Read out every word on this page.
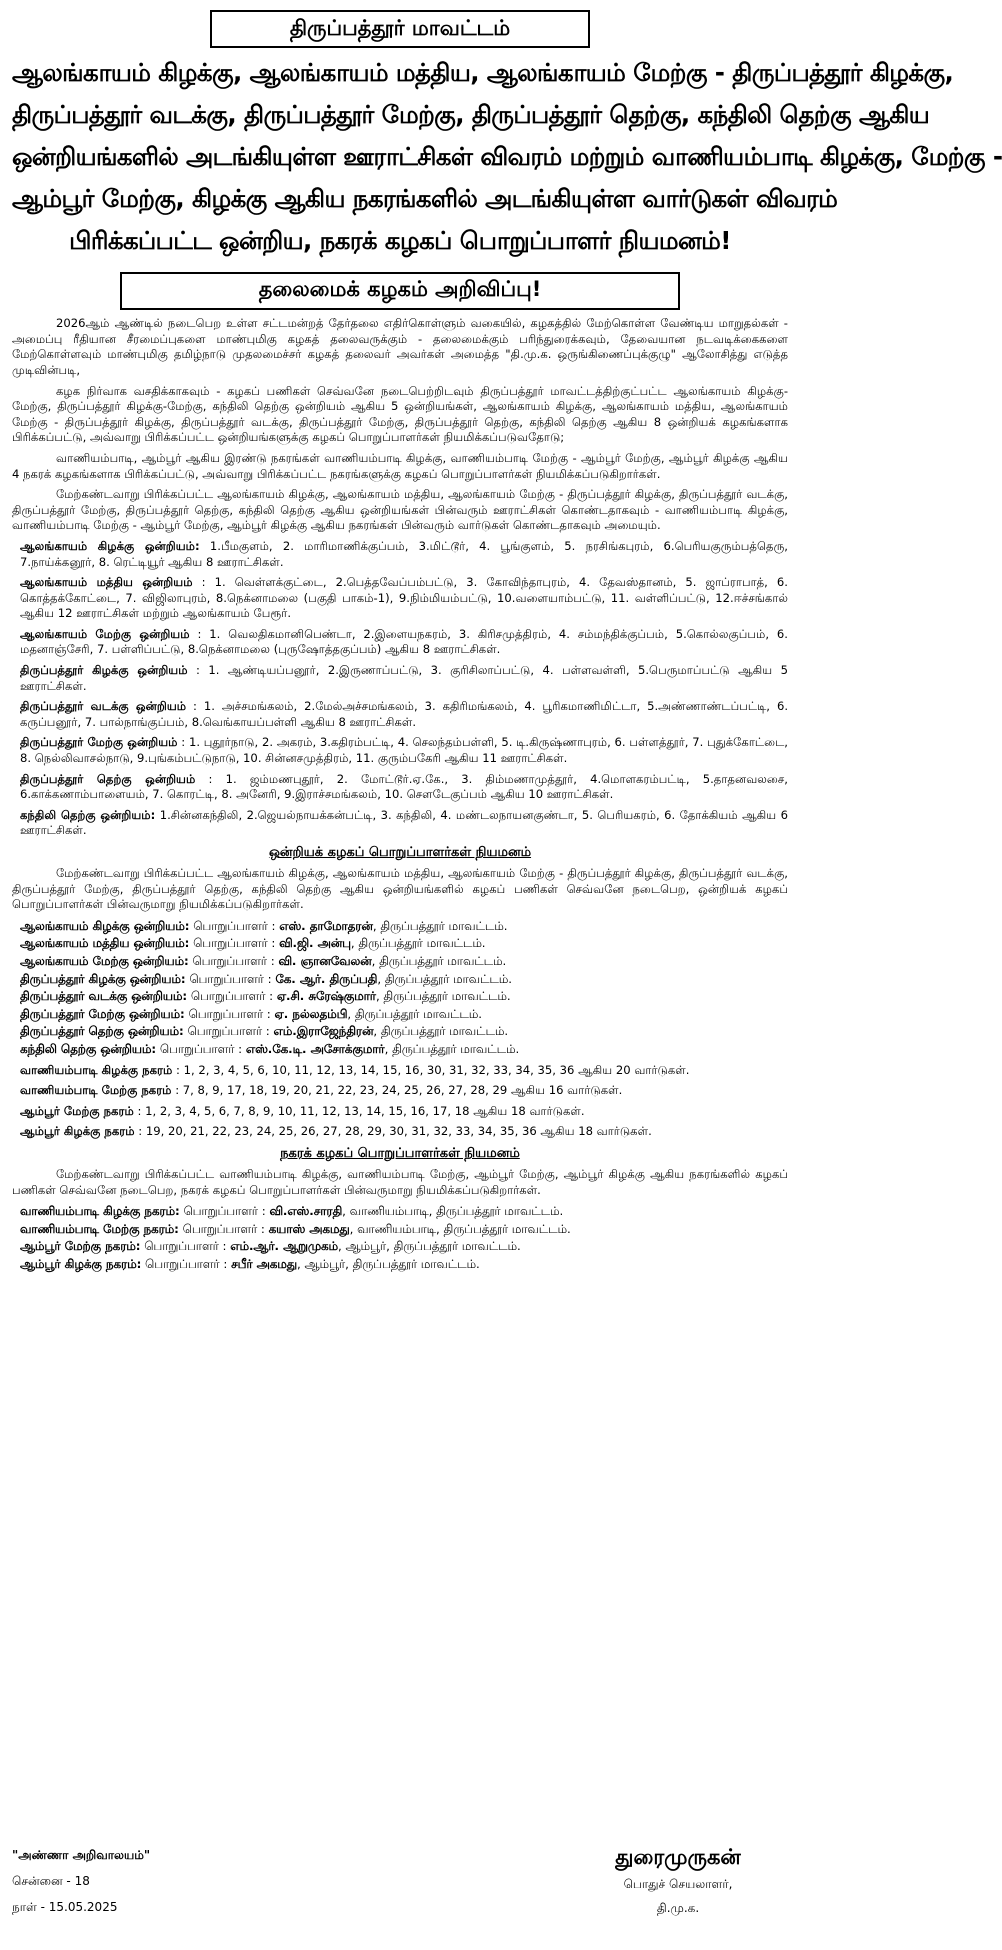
திருப்பத்தூர் மாவட்டம்
ஆலங்காயம் கிழக்கு, ஆலங்காயம் மத்திய, ஆலங்காயம் மேற்கு - திருப்பத்தூர் கிழக்கு,
திருப்பத்தூர் வடக்கு, திருப்பத்தூர் மேற்கு, திருப்பத்தூர் தெற்கு, கந்திலி தெற்கு ஆகிய
ஒன்றியங்களில் அடங்கியுள்ள ஊராட்சிகள் விவரம் மற்றும் வாணியம்பாடி கிழக்கு, மேற்கு -
ஆம்பூர் மேற்கு, கிழக்கு ஆகிய நகரங்களில் அடங்கியுள்ள வார்டுகள் விவரம்
பிரிக்கப்பட்ட ஒன்றிய, நகரக் கழகப் பொறுப்பாளர் நியமனம்!
தலைமைக் கழகம் அறிவிப்பு!

2026ஆம் ஆண்டில் நடைபெற உள்ள சட்டமன்றத் தேர்தலை எதிர்கொள்ளும் வகையில், கழகத்தில் மேற்கொள்ள வேண்டிய மாறுதல்கள் - அமைப்பு ரீதியான சீரமைப்புகளை மாண்புமிகு கழகத் தலைவருக்கும் - தலைமைக்கும் பரிந்துரைக்கவும், தேவையான நடவடிக்கைகளை மேற்கொள்ளவும் மாண்புமிகு தமிழ்நாடு முதலமைச்சர் கழகத் தலைவர் அவர்கள் அமைத்த "தி.மு.க. ஒருங்கிணைப்புக்குழு" ஆலோசித்து எடுத்த முடிவின்படி,

கழக நிர்வாக வசதிக்காகவும் - கழகப் பணிகள் செவ்வனே நடைபெற்றிடவும் திருப்பத்தூர் மாவட்டத்திற்குட்பட்ட ஆலங்காயம் கிழக்கு-மேற்கு, திருப்பத்தூர் கிழக்கு-மேற்கு, கந்திலி தெற்கு ஒன்றியம் ஆகிய 5 ஒன்றியங்கள், ஆலங்காயம் கிழக்கு, ஆலங்காயம் மத்திய, ஆலங்காயம் மேற்கு - திருப்பத்தூர் கிழக்கு, திருப்பத்தூர் வடக்கு, திருப்பத்தூர் மேற்கு, திருப்பத்தூர் தெற்கு, கந்திலி தெற்கு ஆகிய 8 ஒன்றியக் கழகங்களாக பிரிக்கப்பட்டு, அவ்வாறு பிரிக்கப்பட்ட ஒன்றியங்களுக்கு கழகப் பொறுப்பாளர்கள் நியமிக்கப்படுவதோடு;

வாணியம்பாடி, ஆம்பூர் ஆகிய இரண்டு நகரங்கள் வாணியம்பாடி கிழக்கு, வாணியம்பாடி மேற்கு - ஆம்பூர் மேற்கு, ஆம்பூர் கிழக்கு ஆகிய 4 நகரக் கழகங்களாக பிரிக்கப்பட்டு, அவ்வாறு பிரிக்கப்பட்ட நகரங்களுக்கு கழகப் பொறுப்பாளர்கள் நியமிக்கப்படுகிறார்கள்.

மேற்கண்டவாறு பிரிக்கப்பட்ட ஆலங்காயம் கிழக்கு, ஆலங்காயம் மத்திய, ஆலங்காயம் மேற்கு - திருப்பத்தூர் கிழக்கு, திருப்பத்தூர் வடக்கு, திருப்பத்தூர் மேற்கு, திருப்பத்தூர் தெற்கு, கந்திலி தெற்கு ஆகிய ஒன்றியங்கள் பின்வரும் ஊராட்சிகள் கொண்டதாகவும் - வாணியம்பாடி கிழக்கு, வாணியம்பாடி மேற்கு - ஆம்பூர் மேற்கு, ஆம்பூர் கிழக்கு ஆகிய நகரங்கள் பின்வரும் வார்டுகள் கொண்டதாகவும் அமையும்.

ஆலங்காயம் கிழக்கு ஒன்றியம்: 1.பீமகுளம், 2. மாரிமாணிக்குப்பம், 3.மிட்டூர், 4. பூங்குளம், 5. நரசிங்கபுரம், 6.பெரியகுரும்பத்தெரு, 7.நாய்க்கனூர், 8. ரெட்டியூர் ஆகிய 8 ஊராட்சிகள்.

ஆலங்காயம் மத்திய ஒன்றியம் : 1. வெள்ளக்குட்டை, 2.பெத்தவேப்பம்பட்டு, 3. கோவிந்தாபுரம், 4. தேவஸ்தானம், 5. ஜாப்ராபாத், 6. கொத்தக்கோட்டை, 7. விஜிலாபுரம், 8.நெக்னாமலை (பகுதி பாகம்-1), 9.நிம்மியம்பட்டு, 10.வளையாம்பட்டு, 11. வள்ளிப்பட்டு, 12.ஈச்சங்கால் ஆகிய 12 ஊராட்சிகள் மற்றும் ஆலங்காயம் பேரூர்.

ஆலங்காயம் மேற்கு ஒன்றியம் : 1. வெலதிகமானிபெண்டா, 2.இளையநகரம், 3. கிரிசமுத்திரம், 4. சம்மந்திக்குப்பம், 5.கொல்லகுப்பம், 6. மதனாஞ்சேரி, 7. பள்ளிப்பட்டு, 8.நெக்னாமலை (புருஷோத்தகுப்பம்) ஆகிய 8 ஊராட்சிகள்.

திருப்பத்தூர் கிழக்கு ஒன்றியம் : 1. ஆண்டியப்பனூர், 2.இருணாப்பட்டு, 3. குரிசிலாப்பட்டு, 4. பள்ளவள்ளி, 5.பெருமாப்பட்டு ஆகிய 5 ஊராட்சிகள்.

திருப்பத்தூர் வடக்கு ஒன்றியம் : 1. அச்சமங்கலம், 2.மேல்அச்சமங்கலம், 3. கதிரிமங்கலம், 4. பூரிகமாணிமிட்டா, 5.அண்ணாண்டப்பட்டி, 6. கருப்பனூர், 7. பால்நாங்குப்பம், 8.வெங்காயப்பள்ளி ஆகிய 8 ஊராட்சிகள்.

திருப்பத்தூர் மேற்கு ஒன்றியம் : 1. புதூர்நாடு, 2. அகரம், 3.கதிரம்பட்டி, 4. செலந்தம்பள்ளி, 5. டி.கிருஷ்ணாபுரம், 6. பள்ளத்தூர், 7. புதுக்கோட்டை, 8. நெல்லிவாசல்நாடு, 9.புங்கம்பட்டுநாடு, 10. சின்னசமுத்திரம், 11. குரும்பகேரி ஆகிய 11 ஊராட்சிகள்.

திருப்பத்தூர் தெற்கு ஒன்றியம் : 1. ஜம்மணபுதூர், 2. மோட்டூர்.ஏ.கே., 3. திம்மணாமுத்தூர், 4.மொளகரம்பட்டி, 5.தாதனவலசை, 6.காக்கணாம்பாளையம், 7. கொரட்டி, 8. அனேரி, 9.இராச்சமங்கலம், 10. சௌடேகுப்பம் ஆகிய 10 ஊராட்சிகள்.

கந்திலி தெற்கு ஒன்றியம்: 1.சின்னகந்திலி, 2.ஜெயல்நாயக்கன்பட்டி, 3. கந்திலி, 4. மண்டலநாயனகுண்டா, 5. பெரியகரம், 6. தோக்கியம் ஆகிய 6 ஊராட்சிகள்.

ஒன்றியக் கழகப் பொறுப்பாளர்கள் நியமனம்

மேற்கண்டவாறு பிரிக்கப்பட்ட ஆலங்காயம் கிழக்கு, ஆலங்காயம் மத்திய, ஆலங்காயம் மேற்கு - திருப்பத்தூர் கிழக்கு, திருப்பத்தூர் வடக்கு, திருப்பத்தூர் மேற்கு, திருப்பத்தூர் தெற்கு, கந்திலி தெற்கு ஆகிய ஒன்றியங்களில் கழகப் பணிகள் செவ்வனே நடைபெற, ஒன்றியக் கழகப் பொறுப்பாளர்கள் பின்வருமாறு நியமிக்கப்படுகிறார்கள்.

ஆலங்காயம் கிழக்கு ஒன்றியம்: பொறுப்பாளர் : எஸ். தாமோதரன், திருப்பத்தூர் மாவட்டம்.
ஆலங்காயம் மத்திய ஒன்றியம்: பொறுப்பாளர் : வி.ஜி. அன்பு, திருப்பத்தூர் மாவட்டம்.
ஆலங்காயம் மேற்கு ஒன்றியம்: பொறுப்பாளர் : வி. ஞானவேலன், திருப்பத்தூர் மாவட்டம்.
திருப்பத்தூர் கிழக்கு ஒன்றியம்: பொறுப்பாளர் : கே. ஆர். திருப்பதி, திருப்பத்தூர் மாவட்டம்.
திருப்பத்தூர் வடக்கு ஒன்றியம்: பொறுப்பாளர் : ஏ.சி. சுரேஷ்குமார், திருப்பத்தூர் மாவட்டம்.
திருப்பத்தூர் மேற்கு ஒன்றியம்: பொறுப்பாளர் : ஏ. நல்லதம்பி, திருப்பத்தூர் மாவட்டம்.
திருப்பத்தூர் தெற்கு ஒன்றியம்: பொறுப்பாளர் : எம்.இராஜேந்திரன், திருப்பத்தூர் மாவட்டம்.
கந்திலி தெற்கு ஒன்றியம்: பொறுப்பாளர் : எஸ்.கே.டி. அசோக்குமார், திருப்பத்தூர் மாவட்டம்.

வாணியம்பாடி கிழக்கு நகரம் : 1, 2, 3, 4, 5, 6, 10, 11, 12, 13, 14, 15, 16, 30, 31, 32, 33, 34, 35, 36 ஆகிய 20 வார்டுகள்.

வாணியம்பாடி மேற்கு நகரம் : 7, 8, 9, 17, 18, 19, 20, 21, 22, 23, 24, 25, 26, 27, 28, 29 ஆகிய 16 வார்டுகள்.

ஆம்பூர் மேற்கு நகரம் : 1, 2, 3, 4, 5, 6, 7, 8, 9, 10, 11, 12, 13, 14, 15, 16, 17, 18 ஆகிய 18 வார்டுகள்.

ஆம்பூர் கிழக்கு நகரம் : 19, 20, 21, 22, 23, 24, 25, 26, 27, 28, 29, 30, 31, 32, 33, 34, 35, 36 ஆகிய 18 வார்டுகள்.

நகரக் கழகப் பொறுப்பாளர்கள் நியமனம்

மேற்கண்டவாறு பிரிக்கப்பட்ட வாணியம்பாடி கிழக்கு, வாணியம்பாடி மேற்கு, ஆம்பூர் மேற்கு, ஆம்பூர் கிழக்கு ஆகிய நகரங்களில் கழகப் பணிகள் செவ்வனே நடைபெற, நகரக் கழகப் பொறுப்பாளர்கள் பின்வருமாறு நியமிக்கப்படுகிறார்கள்.

வாணியம்பாடி கிழக்கு நகரம்: பொறுப்பாளர் : வி.எஸ்.சாரதி, வாணியம்பாடி, திருப்பத்தூர் மாவட்டம்.
வாணியம்பாடி மேற்கு நகரம்: பொறுப்பாளர் : கயாஸ் அகமது, வாணியம்பாடி, திருப்பத்தூர் மாவட்டம்.
ஆம்பூர் மேற்கு நகரம்: பொறுப்பாளர் : எம்.ஆர். ஆறுமுகம், ஆம்பூர், திருப்பத்தூர் மாவட்டம்.
ஆம்பூர் கிழக்கு நகரம்: பொறுப்பாளர் : சபீர் அகமது, ஆம்பூர், திருப்பத்தூர் மாவட்டம்.
"அண்ணா அறிவாலயம்"
சென்னை - 18
நாள் - 15.05.2025
துரைமுருகன்
பொதுச் செயலாளர்,
தி.மு.க.
